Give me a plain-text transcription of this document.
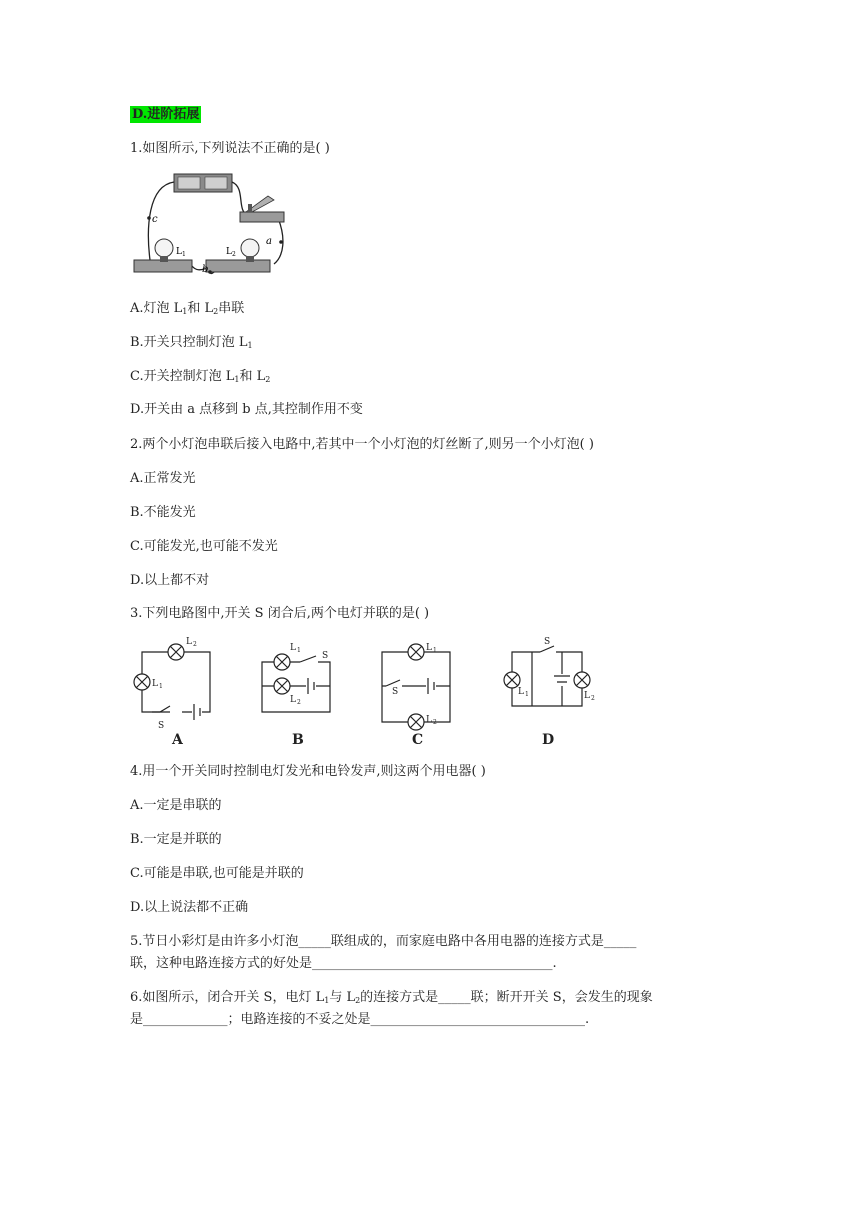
D.进阶拓展
1.如图所示,下列说法不正确的是( )
$L_1$	$L_2$
c
b
a
A.灯泡 $L_1$和 $L_2$串联
B.开关只控制灯泡 $L_1$
C.开关控制灯泡 $L_1$和 $L_2$
D.开关由 a 点移到 b 点,其控制作用不变
2.两个小灯泡串联后接入电路中,若其中一个小灯泡的灯丝断了,则另一个小灯泡( )
A.正常发光
B.不能发光
C.可能发光,也可能不发光
D.以上都不对
3.下列电路图中,开关 S 闭合后,两个电灯并联的是( )
L 2
L 1
S
L 1
S
L 2
L 1
S
L 2
S
L 1	L 2
A	B	C	D
4.用一个开关同时控制电灯发光和电铃发声,则这两个用电器( )
A.一定是串联的
B.一定是并联的
C.可能是串联,也可能是并联的
D.以上说法都不正确
5.节日小彩灯是由许多小灯泡_____联组成的，而家庭电路中各用电器的连接方式是_____
联，这种电路连接方式的好处是_____________________________________.
6.如图所示，闭合开关 S，电灯 $L_1$与 $L_2$的连接方式是_____联；断开开关 S，会发生的现象
是_____________；电路连接的不妥之处是_________________________________.
